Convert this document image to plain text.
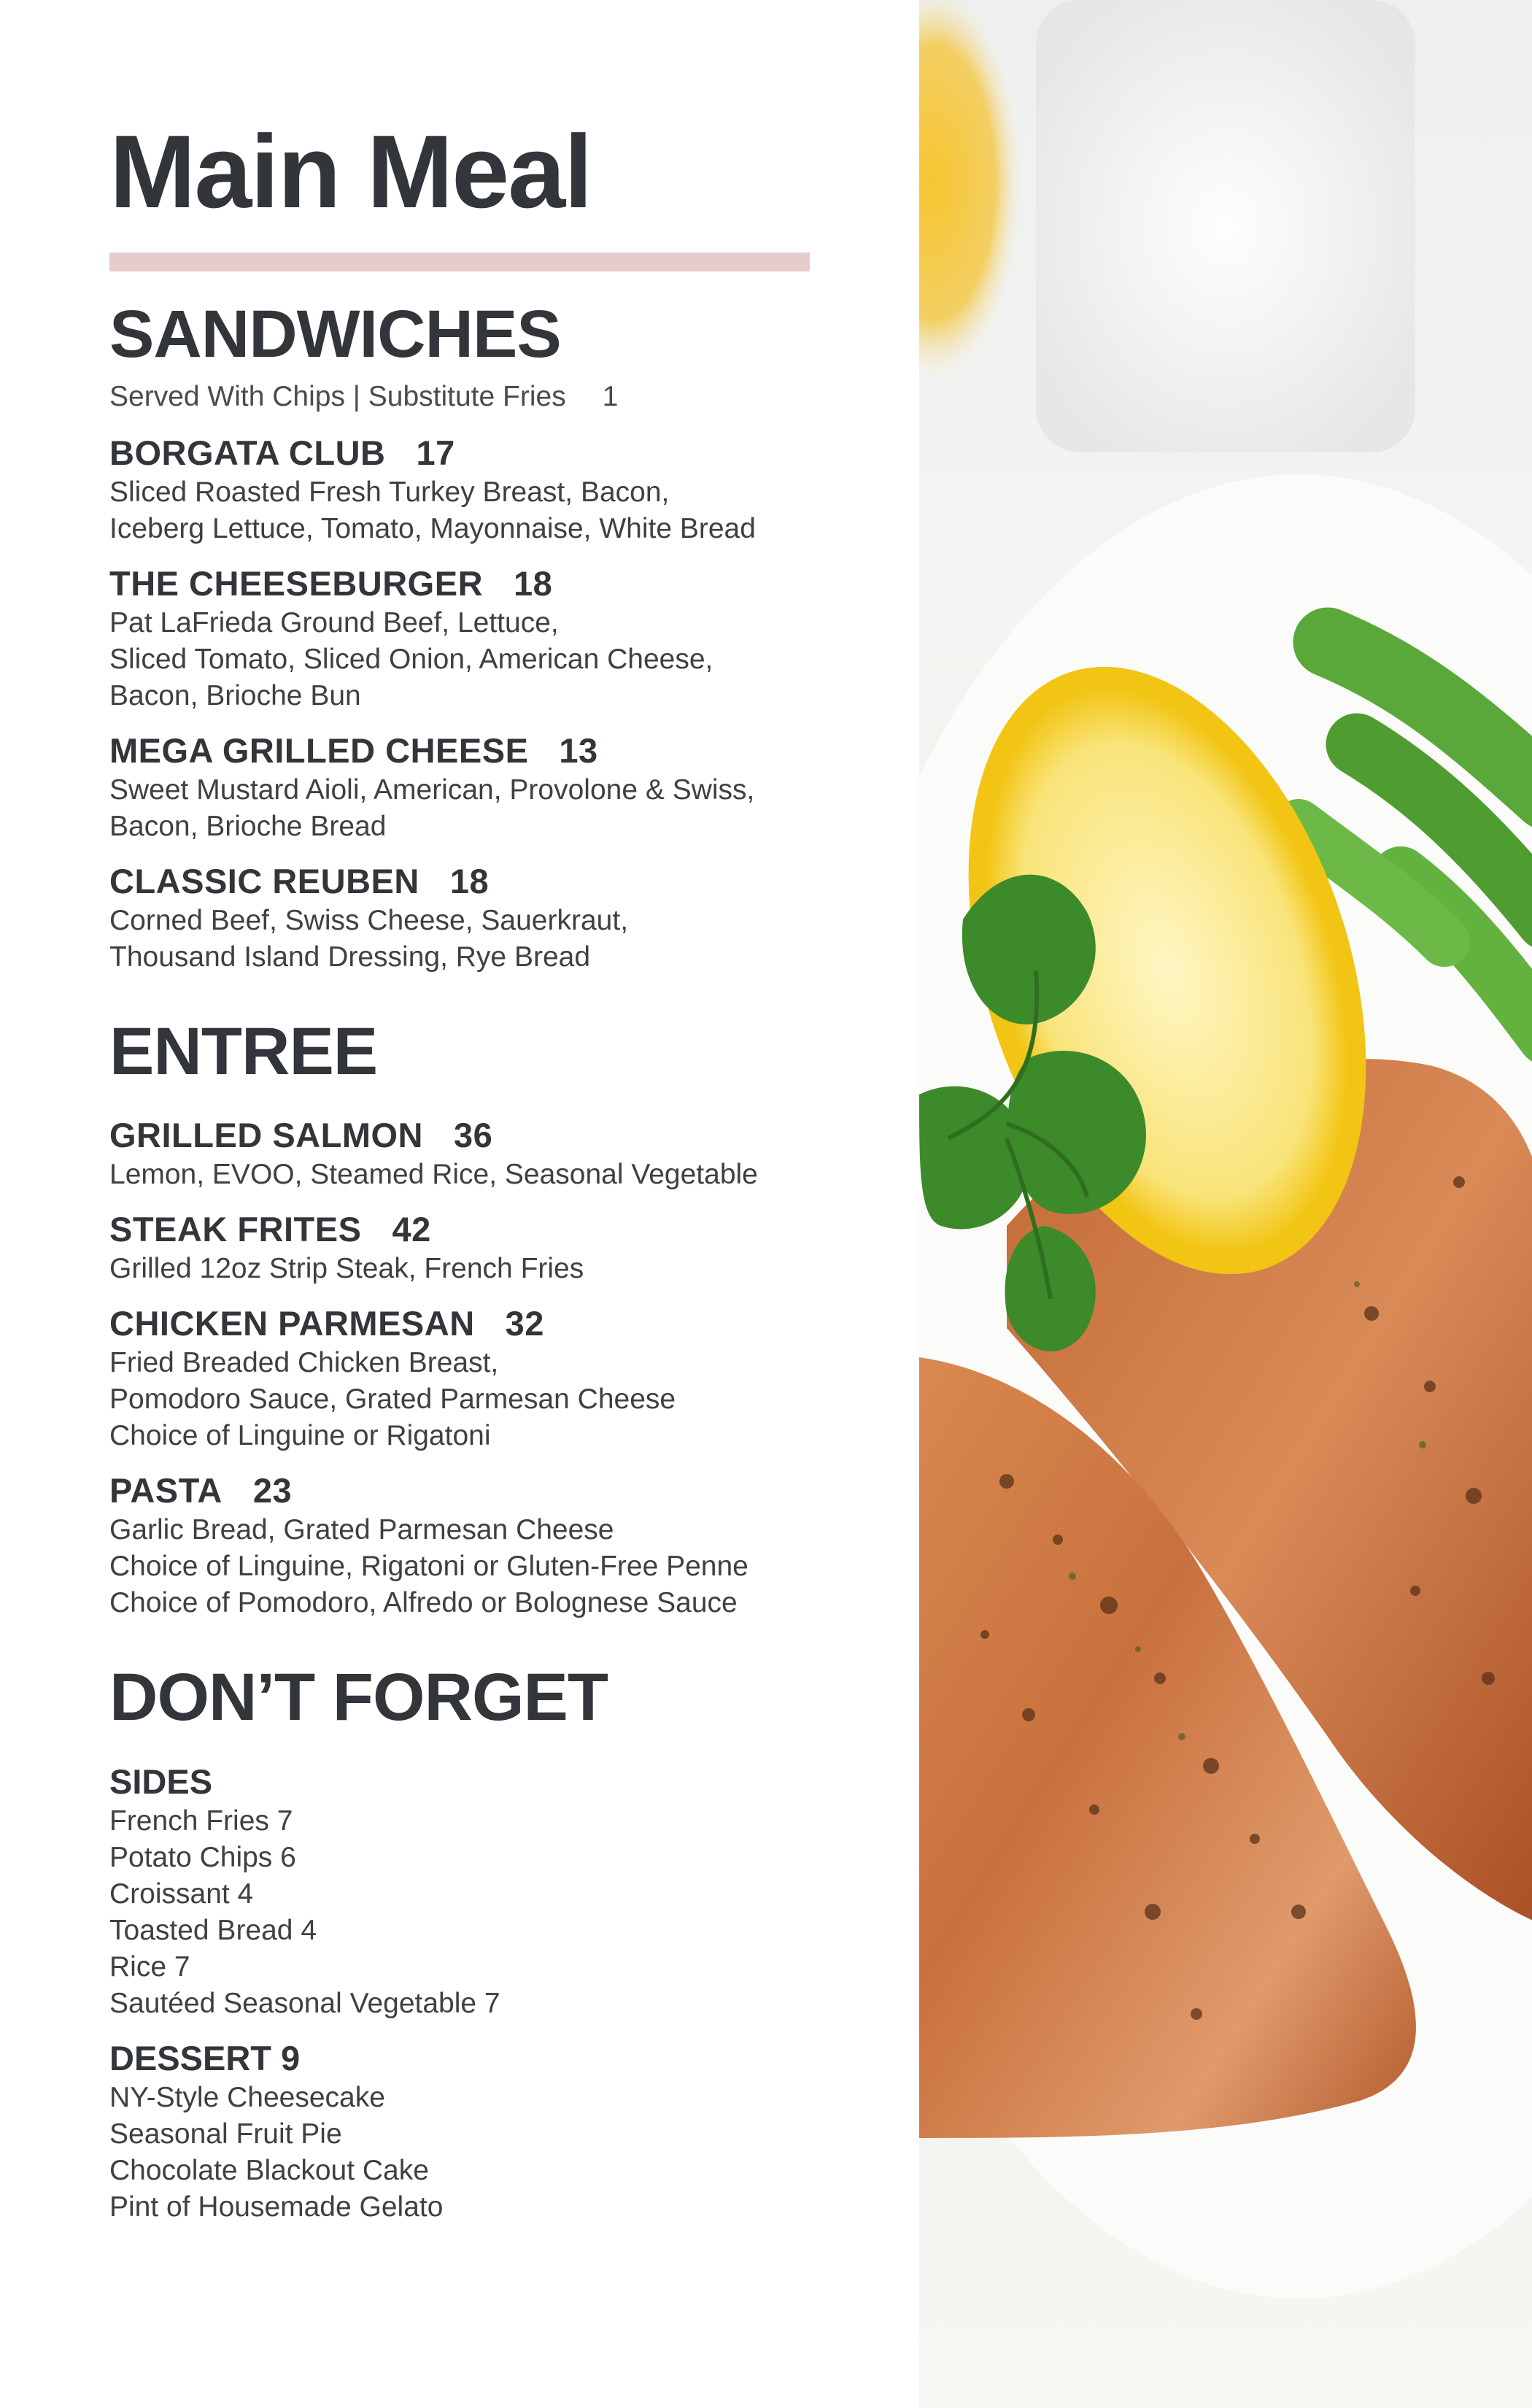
Main Meal
SANDWICHES
Served With Chips | Substitute Fries 1
BORGATA CLUB 17
Sliced Roasted Fresh Turkey Breast, Bacon,
Iceberg Lettuce, Tomato, Mayonnaise, White Bread
THE CHEESEBURGER 18
Pat LaFrieda Ground Beef, Lettuce,
Sliced Tomato, Sliced Onion, American Cheese,
Bacon, Brioche Bun
MEGA GRILLED CHEESE 13
Sweet Mustard Aioli, American, Provolone & Swiss,
Bacon, Brioche Bread
CLASSIC REUBEN 18
Corned Beef, Swiss Cheese, Sauerkraut,
Thousand Island Dressing, Rye Bread
ENTREE
GRILLED SALMON 36
Lemon, EVOO, Steamed Rice, Seasonal Vegetable
STEAK FRITES 42
Grilled 12oz Strip Steak, French Fries
CHICKEN PARMESAN 32
Fried Breaded Chicken Breast,
Pomodoro Sauce, Grated Parmesan Cheese
Choice of Linguine or Rigatoni
PASTA 23
Garlic Bread, Grated Parmesan Cheese
Choice of Linguine, Rigatoni or Gluten-Free Penne
Choice of Pomodoro, Alfredo or Bolognese Sauce
DON’T FORGET
SIDES
French Fries 7
Potato Chips 6
Croissant 4
Toasted Bread 4
Rice 7
Sautéed Seasonal Vegetable 7
DESSERT 9
NY-Style Cheesecake
Seasonal Fruit Pie
Chocolate Blackout Cake
Pint of Housemade Gelato
